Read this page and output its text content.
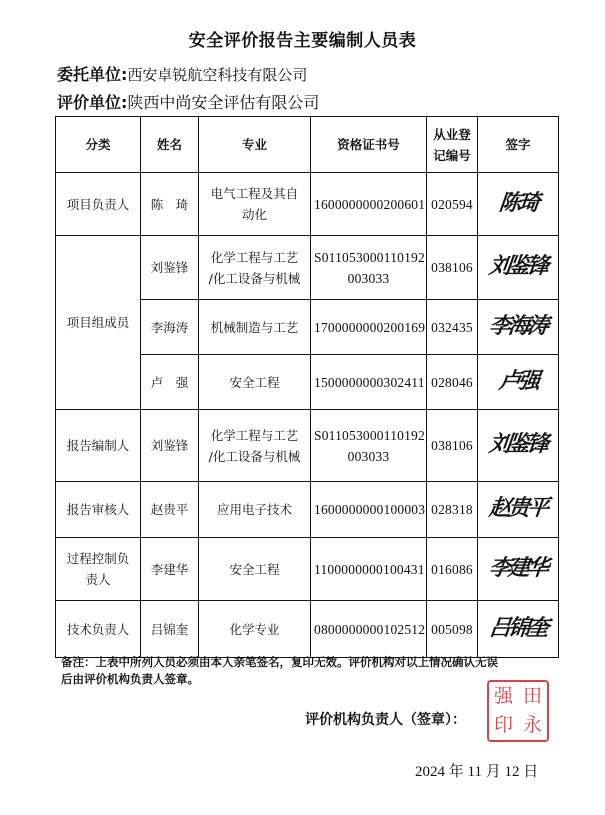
安全评价报告主要编制人员表
委托单位:西安卓锐航空科技有限公司
评价单位:陕西中尚安全评估有限公司
分类	姓名	专业	资格证书号	从业登
记编号	签字
项目负责人	陈　琦	电气工程及其自
动化	1600000000200601	020594	陈琦
项目组成员	刘鉴锋	化学工程与工艺
/化工设备与机械	S011053000110192
003033	038106	刘鉴锋
	李海涛	机械制造与工艺	1700000000200169	032435	李海涛
	卢　强	安全工程	1500000000302411	028046	卢强
报告编制人	刘鉴锋	化学工程与工艺
/化工设备与机械	S011053000110192
003033	038106	刘鉴锋
报告审核人	赵贵平	应用电子技术	1600000000100003	028318	赵贵平
过程控制负
责人	李建华	安全工程	1100000000100431	016086	李建华
技术负责人	吕锦奎	化学专业	0800000000102512	005098	吕锦奎
备注：上表中所列人员必须由本人亲笔签名，复印无效。评价机构对以上情况确认无误
后由评价机构负责人签章。
评价机构负责人（签章）：
强 田
印 永
2024 年 11 月 12 日
